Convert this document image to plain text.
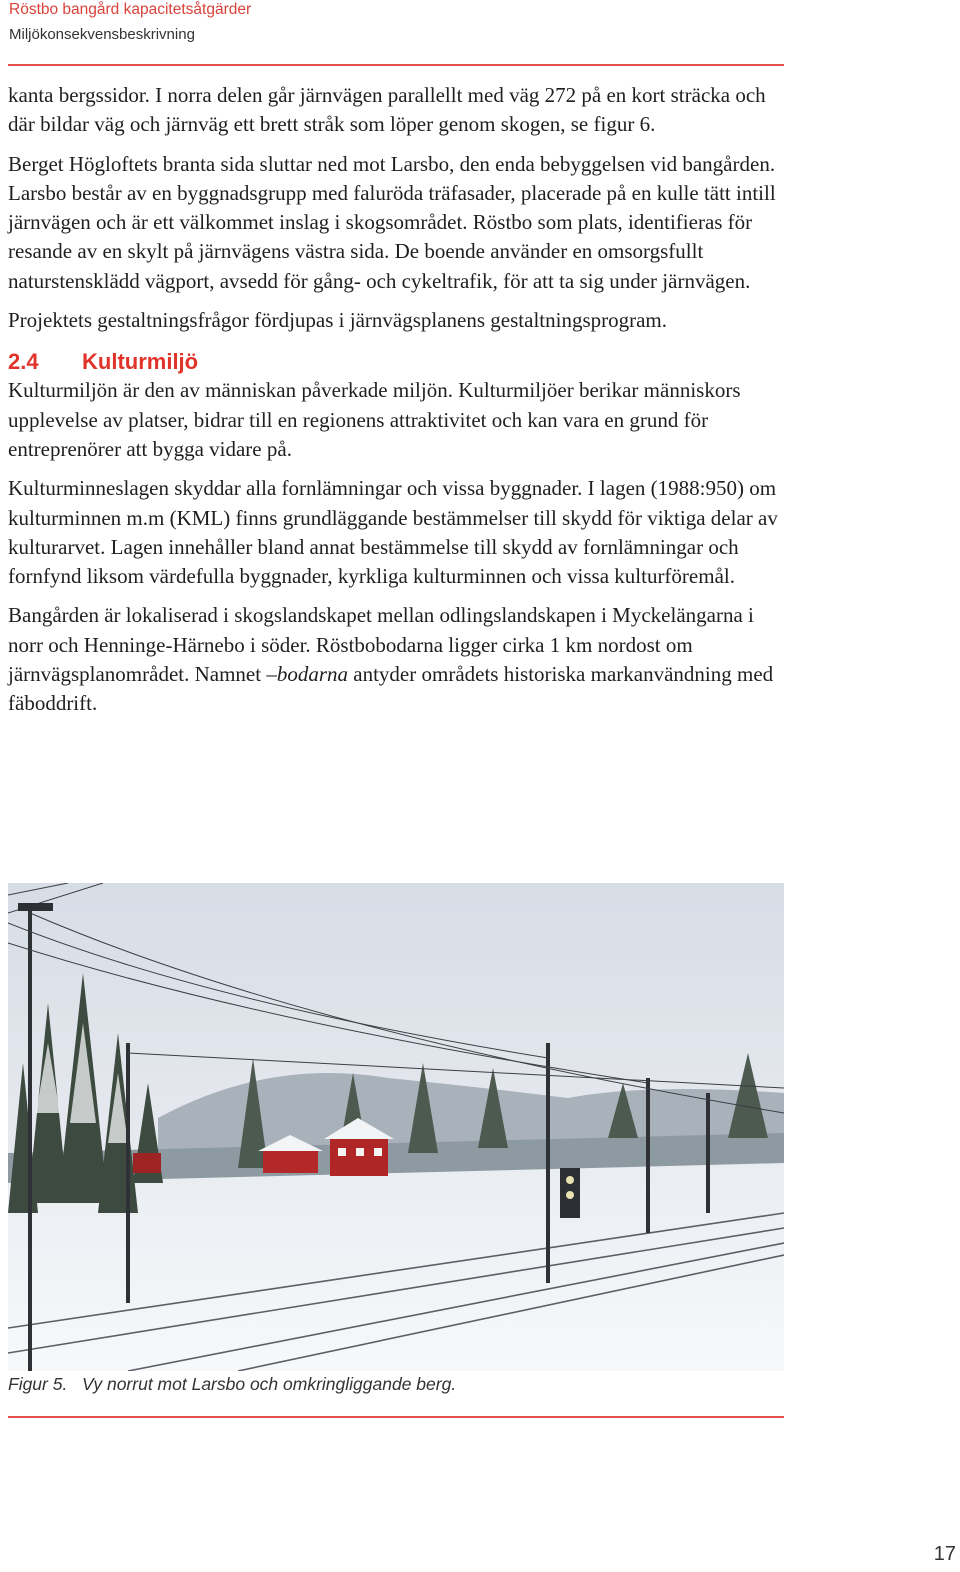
Röstbo bangård kapacitetsåtgärder
Miljökonsekvensbeskrivning

kanta bergssidor. I norra delen går järnvägen parallellt med väg 272 på en kort sträcka och där bildar väg och järnväg ett brett stråk som löper genom skogen, se figur 6.

Berget Högloftets branta sida sluttar ned mot Larsbo, den enda bebyggelsen vid bangården. Larsbo består av en byggnadsgrupp med faluröda träfasader, placerade på en kulle tätt intill järnvägen och är ett välkommet inslag i skogsområdet. Röstbo som plats, identifieras för resande av en skylt på järnvägens västra sida. De boende använder en omsorgsfullt naturstensklädd vägport, avsedd för gång- och cykeltrafik, för att ta sig under järnvägen.

Projektets gestaltningsfrågor fördjupas i järnvägsplanens gestaltningsprogram.

2.4 Kulturmiljö

Kulturmiljön är den av människan påverkade miljön. Kulturmiljöer berikar människors upplevelse av platser, bidrar till en regionens attraktivitet och kan vara en grund för entreprenörer att bygga vidare på.

Kulturminneslagen skyddar alla fornlämningar och vissa byggnader. I lagen (1988:950) om kulturminnen m.m (KML) finns grundläggande bestämmelser till skydd för viktiga delar av kulturarvet. Lagen innehåller bland annat bestämmelse till skydd av fornlämningar och fornfynd liksom värdefulla byggnader, kyrkliga kulturminnen och vissa kulturföremål.

Bangården är lokaliserad i skogslandskapet mellan odlingslandskapen i Myckelängarna i norr och Henninge-Härnebo i söder. Röstbobodarna ligger cirka 1 km nordost om järnvägsplanområdet. Namnet –bodarna antyder områdets historiska markanvändning med fäboddrift.

Figur 5. Vy norrut mot Larsbo och omkringliggande berg.
17
